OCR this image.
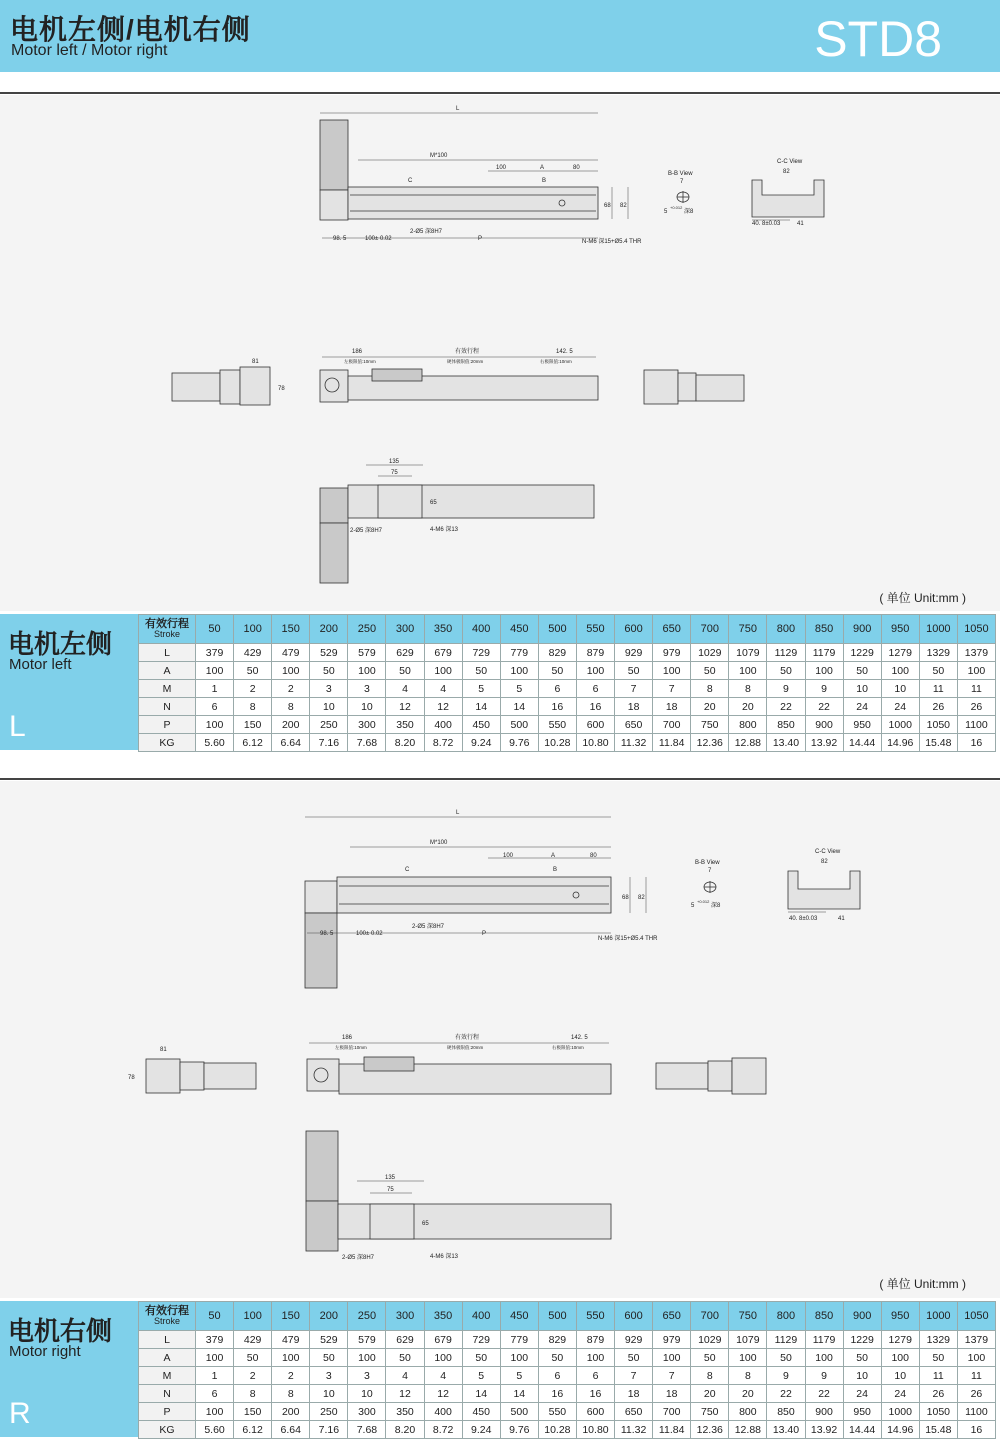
电机左侧/电机右侧
Motor left / Motor right	STD8
L
M*100
100	A	80
C	B
68 82
98. 5	100± 0.02	P
2-Ø5 深8H7
N-M6 深15+Ø5.4 THR
B-B View
7
5
+0.012
深8
C-C View
82
40. 8±0.03	41
81
78
186	有效行程	142. 5
左极限值:10mm	硬体极限值:20mm	右极限值:10mm
135
75
65
2-Ø5 深8H7	4-M6 深13
( 单位 Unit:mm )
电机左侧
Motor left
L
有效行程
Stroke	50	100	150	200	250	300	350	400	450	500	550	600	650	700	750	800	850	900	950	1000	1050
L	379	429	479	529	579	629	679	729	779	829	879	929	979	1029	1079	1129	1179	1229	1279	1329	1379
A	100	50	100	50	100	50	100	50	100	50	100	50	100	50	100	50	100	50	100	50	100
M	1	2	2	3	3	4	4	5	5	6	6	7	7	8	8	9	9	10	10	11	11
N	6	8	8	10	10	12	12	14	14	16	16	18	18	20	20	22	22	24	24	26	26
P	100	150	200	250	300	350	400	450	500	550	600	650	700	750	800	850	900	950	1000	1050	1100
KG	5.60	6.12	6.64	7.16	7.68	8.20	8.72	9.24	9.76	10.28	10.80	11.32	11.84	12.36	12.88	13.40	13.92	14.44	14.96	15.48	16
L
M*100
100	A	80
C	B
68 82
98. 5	100± 0.02	P
2-Ø5 深8H7
N-M6 深15+Ø5.4 THR
B-B View
7
5
+0.012
深8
C-C View
82
40. 8±0.03	41
81
78
186	有效行程	142. 5
左极限值:10mm	硬体极限值:20mm	右极限值:10mm
135
75
65
2-Ø5 深8H7	4-M6 深13
( 单位 Unit:mm )
电机右侧
Motor right
R
有效行程
Stroke	50	100	150	200	250	300	350	400	450	500	550	600	650	700	750	800	850	900	950	1000	1050
L	379	429	479	529	579	629	679	729	779	829	879	929	979	1029	1079	1129	1179	1229	1279	1329	1379
A	100	50	100	50	100	50	100	50	100	50	100	50	100	50	100	50	100	50	100	50	100
M	1	2	2	3	3	4	4	5	5	6	6	7	7	8	8	9	9	10	10	11	11
N	6	8	8	10	10	12	12	14	14	16	16	18	18	20	20	22	22	24	24	26	26
P	100	150	200	250	300	350	400	450	500	550	600	650	700	750	800	850	900	950	1000	1050	1100
KG	5.60	6.12	6.64	7.16	7.68	8.20	8.72	9.24	9.76	10.28	10.80	11.32	11.84	12.36	12.88	13.40	13.92	14.44	14.96	15.48	16
